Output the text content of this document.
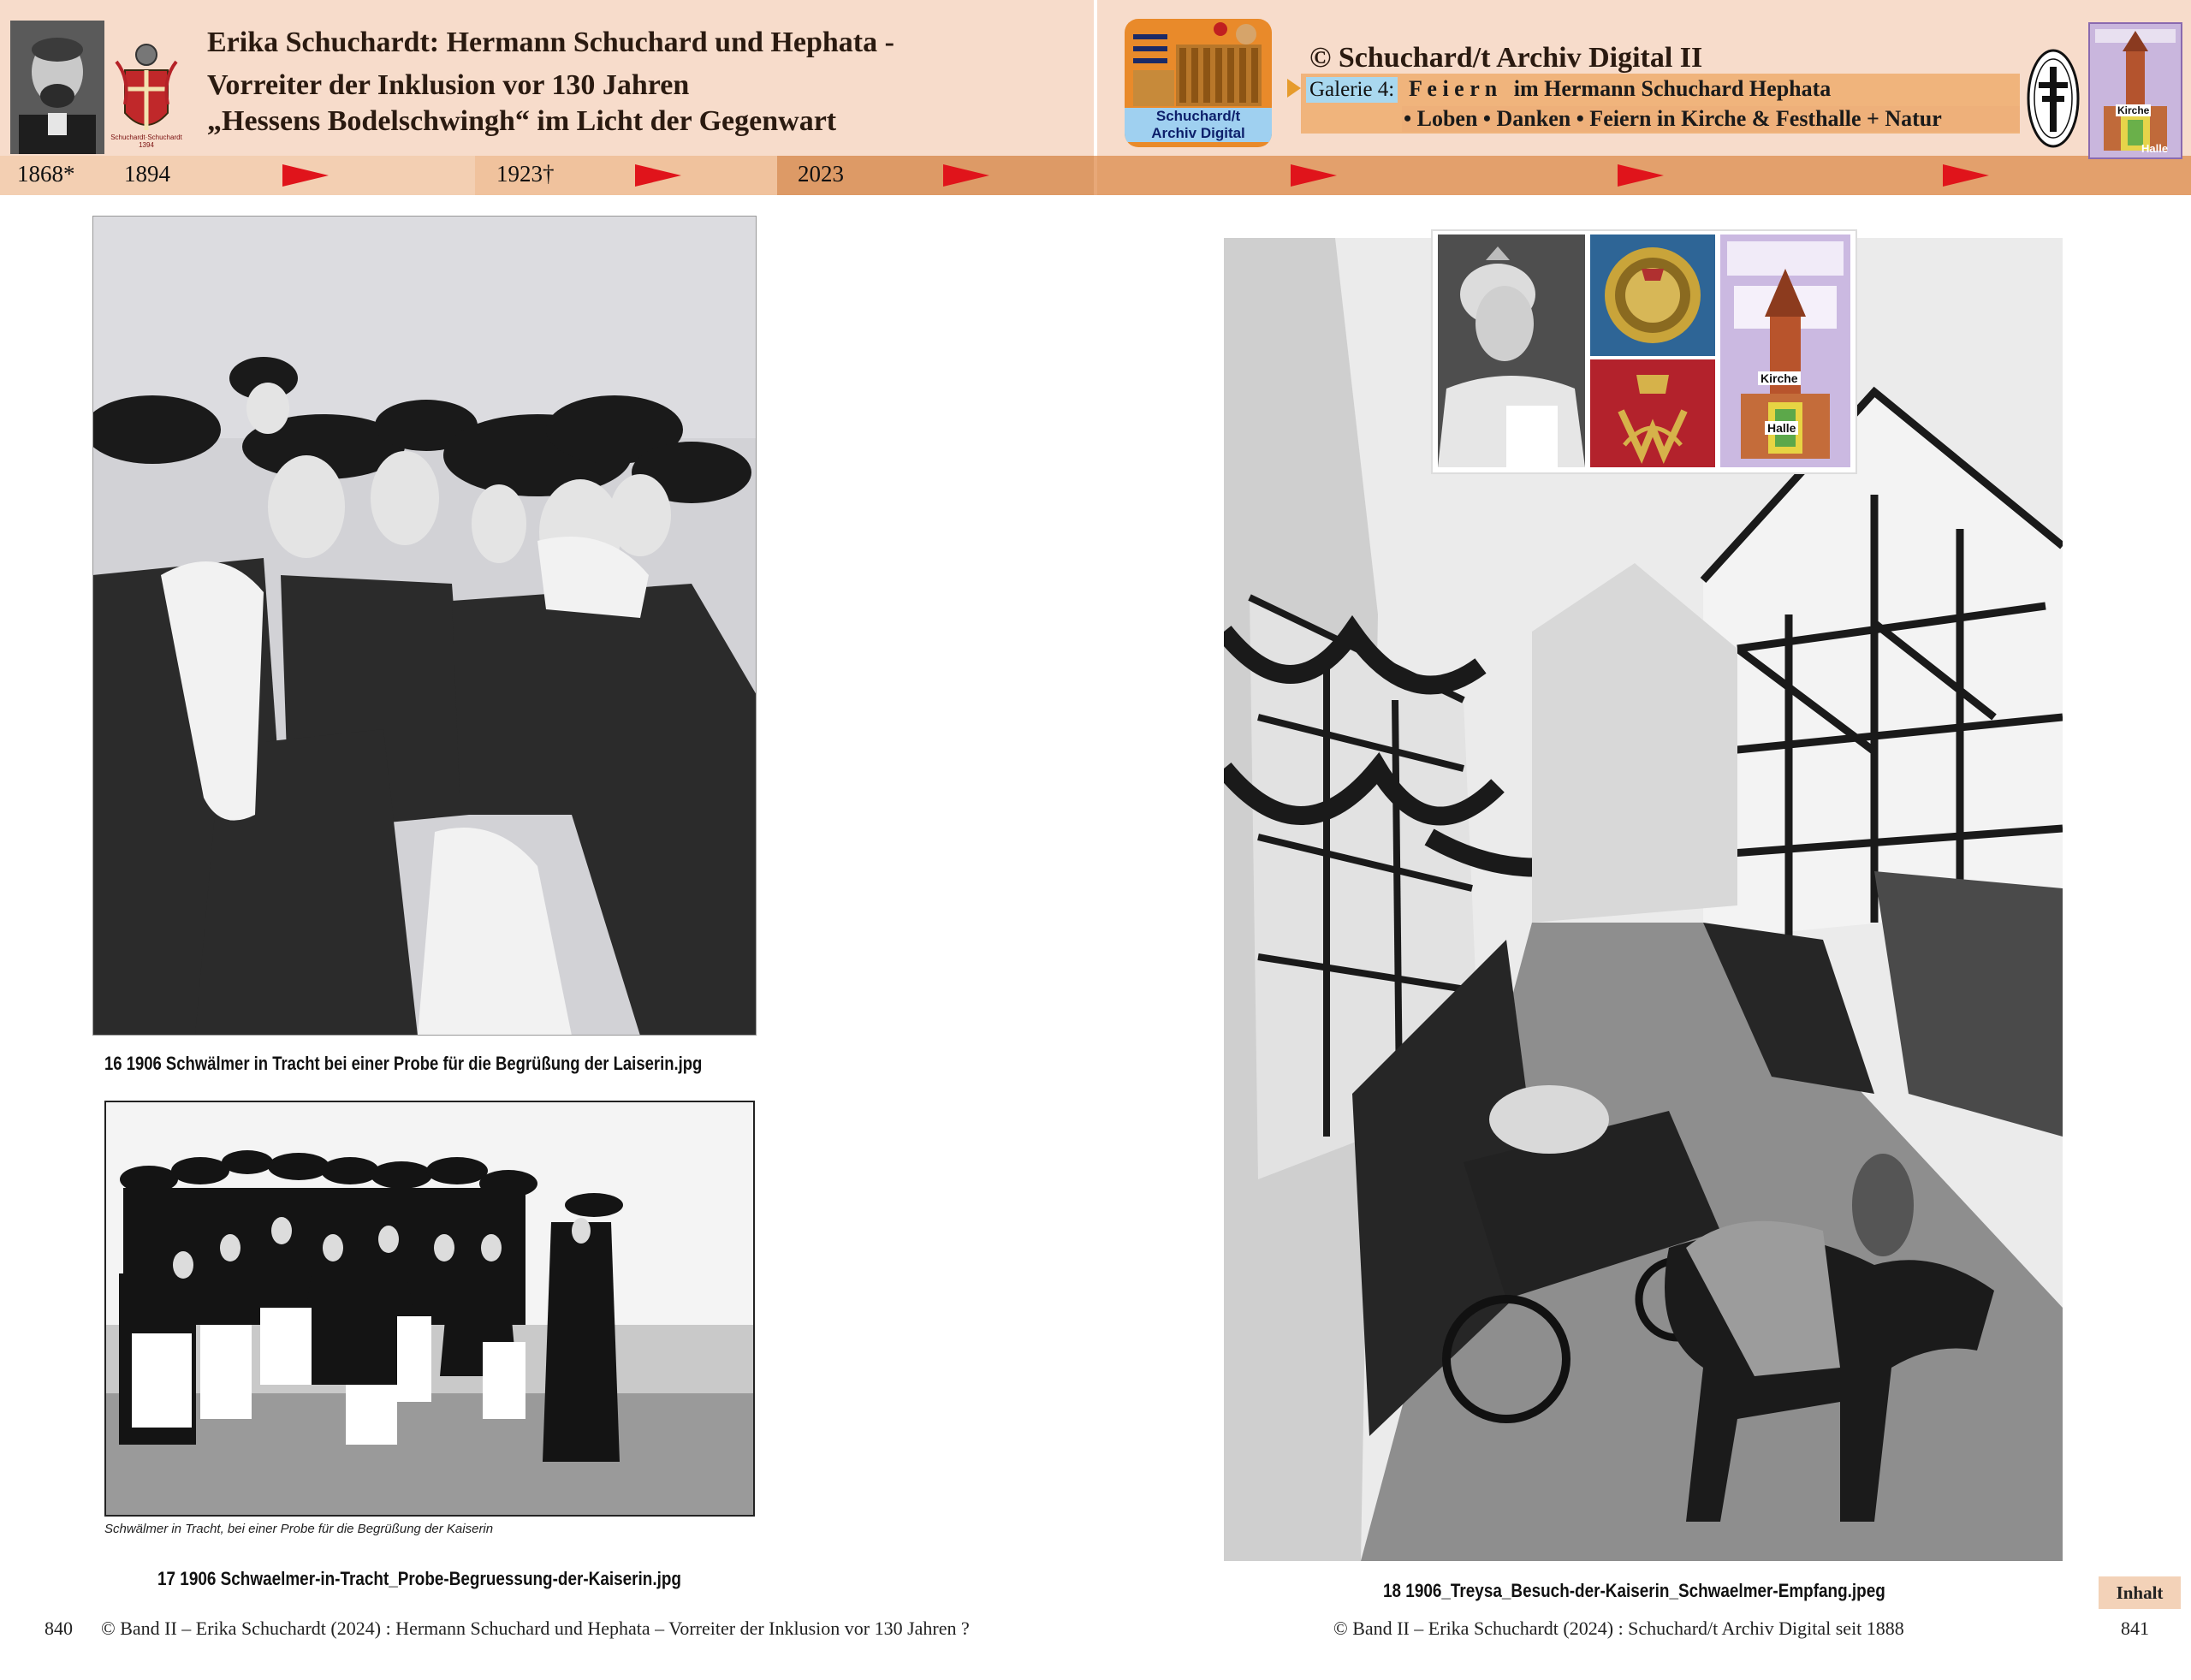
Schuchardt·Schuchardt 1394
Erika Schuchardt: Hermann Schuchard und Hephata -
Vorreiter der Inklusion vor 130 Jahren
„Hessens Bodelschwingh“ im Licht der Gegenwart
1868* 1894	1923†	2023
Schuchard/t
Archiv Digital
© Schuchard/t Archiv Digital II
Galerie 4: F e i e r n   im Hermann Schuchard Hephata
• Loben • Danken • Feiern in Kirche & Festhalle + Natur	Kirche
Halle
16 1906 Schwälmer in Tracht bei einer Probe für die Begrüßung der Laiserin.jpg
Schwälmer in Tracht, bei einer Probe für die Begrüßung der Kaiserin
17 1906 Schwaelmer-in-Tracht_Probe-Begruessung-der-Kaiserin.jpg
Kirche
Halle
18 1906_Treysa_Besuch-der-Kaiserin_Schwaelmer-Empfang.jpeg	Inhalt
840 © Band II – Erika Schuchardt (2024) : Hermann Schuchard und Hephata – Vorreiter der Inklusion vor 130 Jahren ?	© Band II – Erika Schuchardt (2024) : Schuchard/t Archiv Digital seit 1888	841
